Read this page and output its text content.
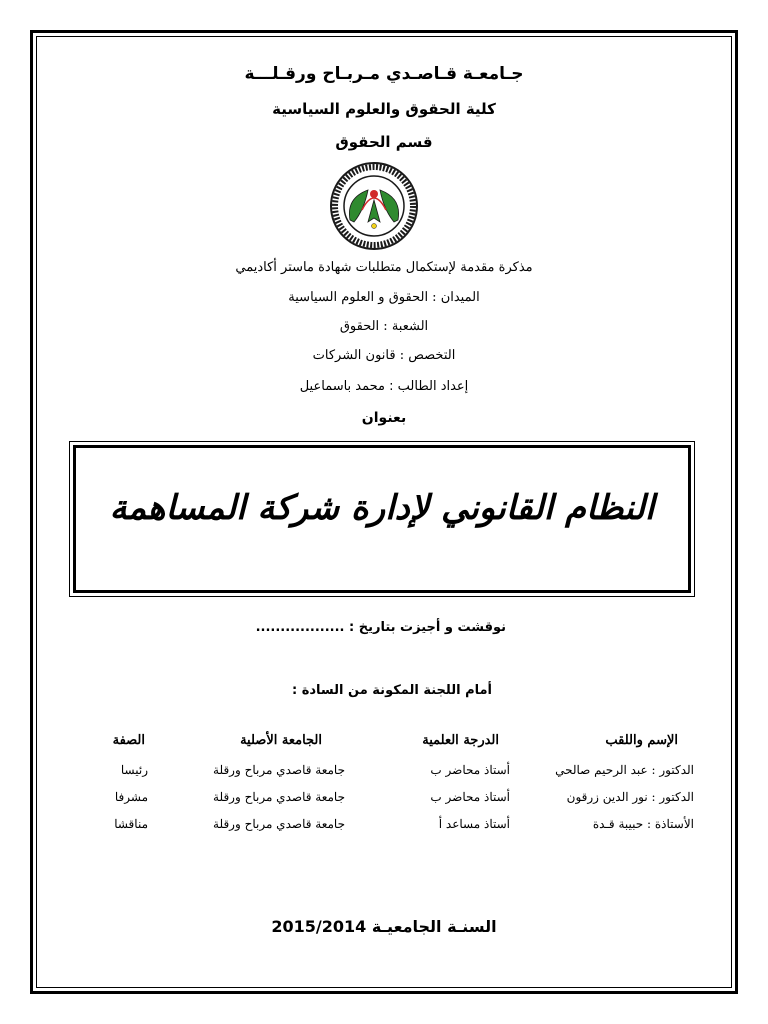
جـامعـة قـاصـدي مـربـاح ورقـلـــة
كلية الحقوق والعلوم السياسية
قسم الحقوق
مذكرة مقدمة لإستكمال متطلبات شهادة ماستر أكاديمي
الميدان : الحقوق و العلوم السياسية
الشعبة : الحقوق
التخصص : قانون الشركات
إعداد الطالب : محمد باسماعيل
بعنوان
النظام القانوني لإدارة شركة المساهمة
نوقشت و أجيزت بتاريخ : ..................
أمام اللجنة المكونة من السادة :
الإسم واللقب
الدرجة العلمية
الجامعة الأصلية
الصفة
الدكتور : عبد الرحيم صالحي
أستاذ محاضر ب
جامعة قاصدي مرباح ورقلة
رئيسا
الدكتور : نور الدين زرقون
أستاذ محاضر ب
جامعة قاصدي مرباح ورقلة
مشرفا
الأستاذة : حبيبة قـدة
أستاذ مساعد أ
جامعة قاصدي مرباح ورقلة
مناقشا
السنـة الجامعيـة 2015/2014
